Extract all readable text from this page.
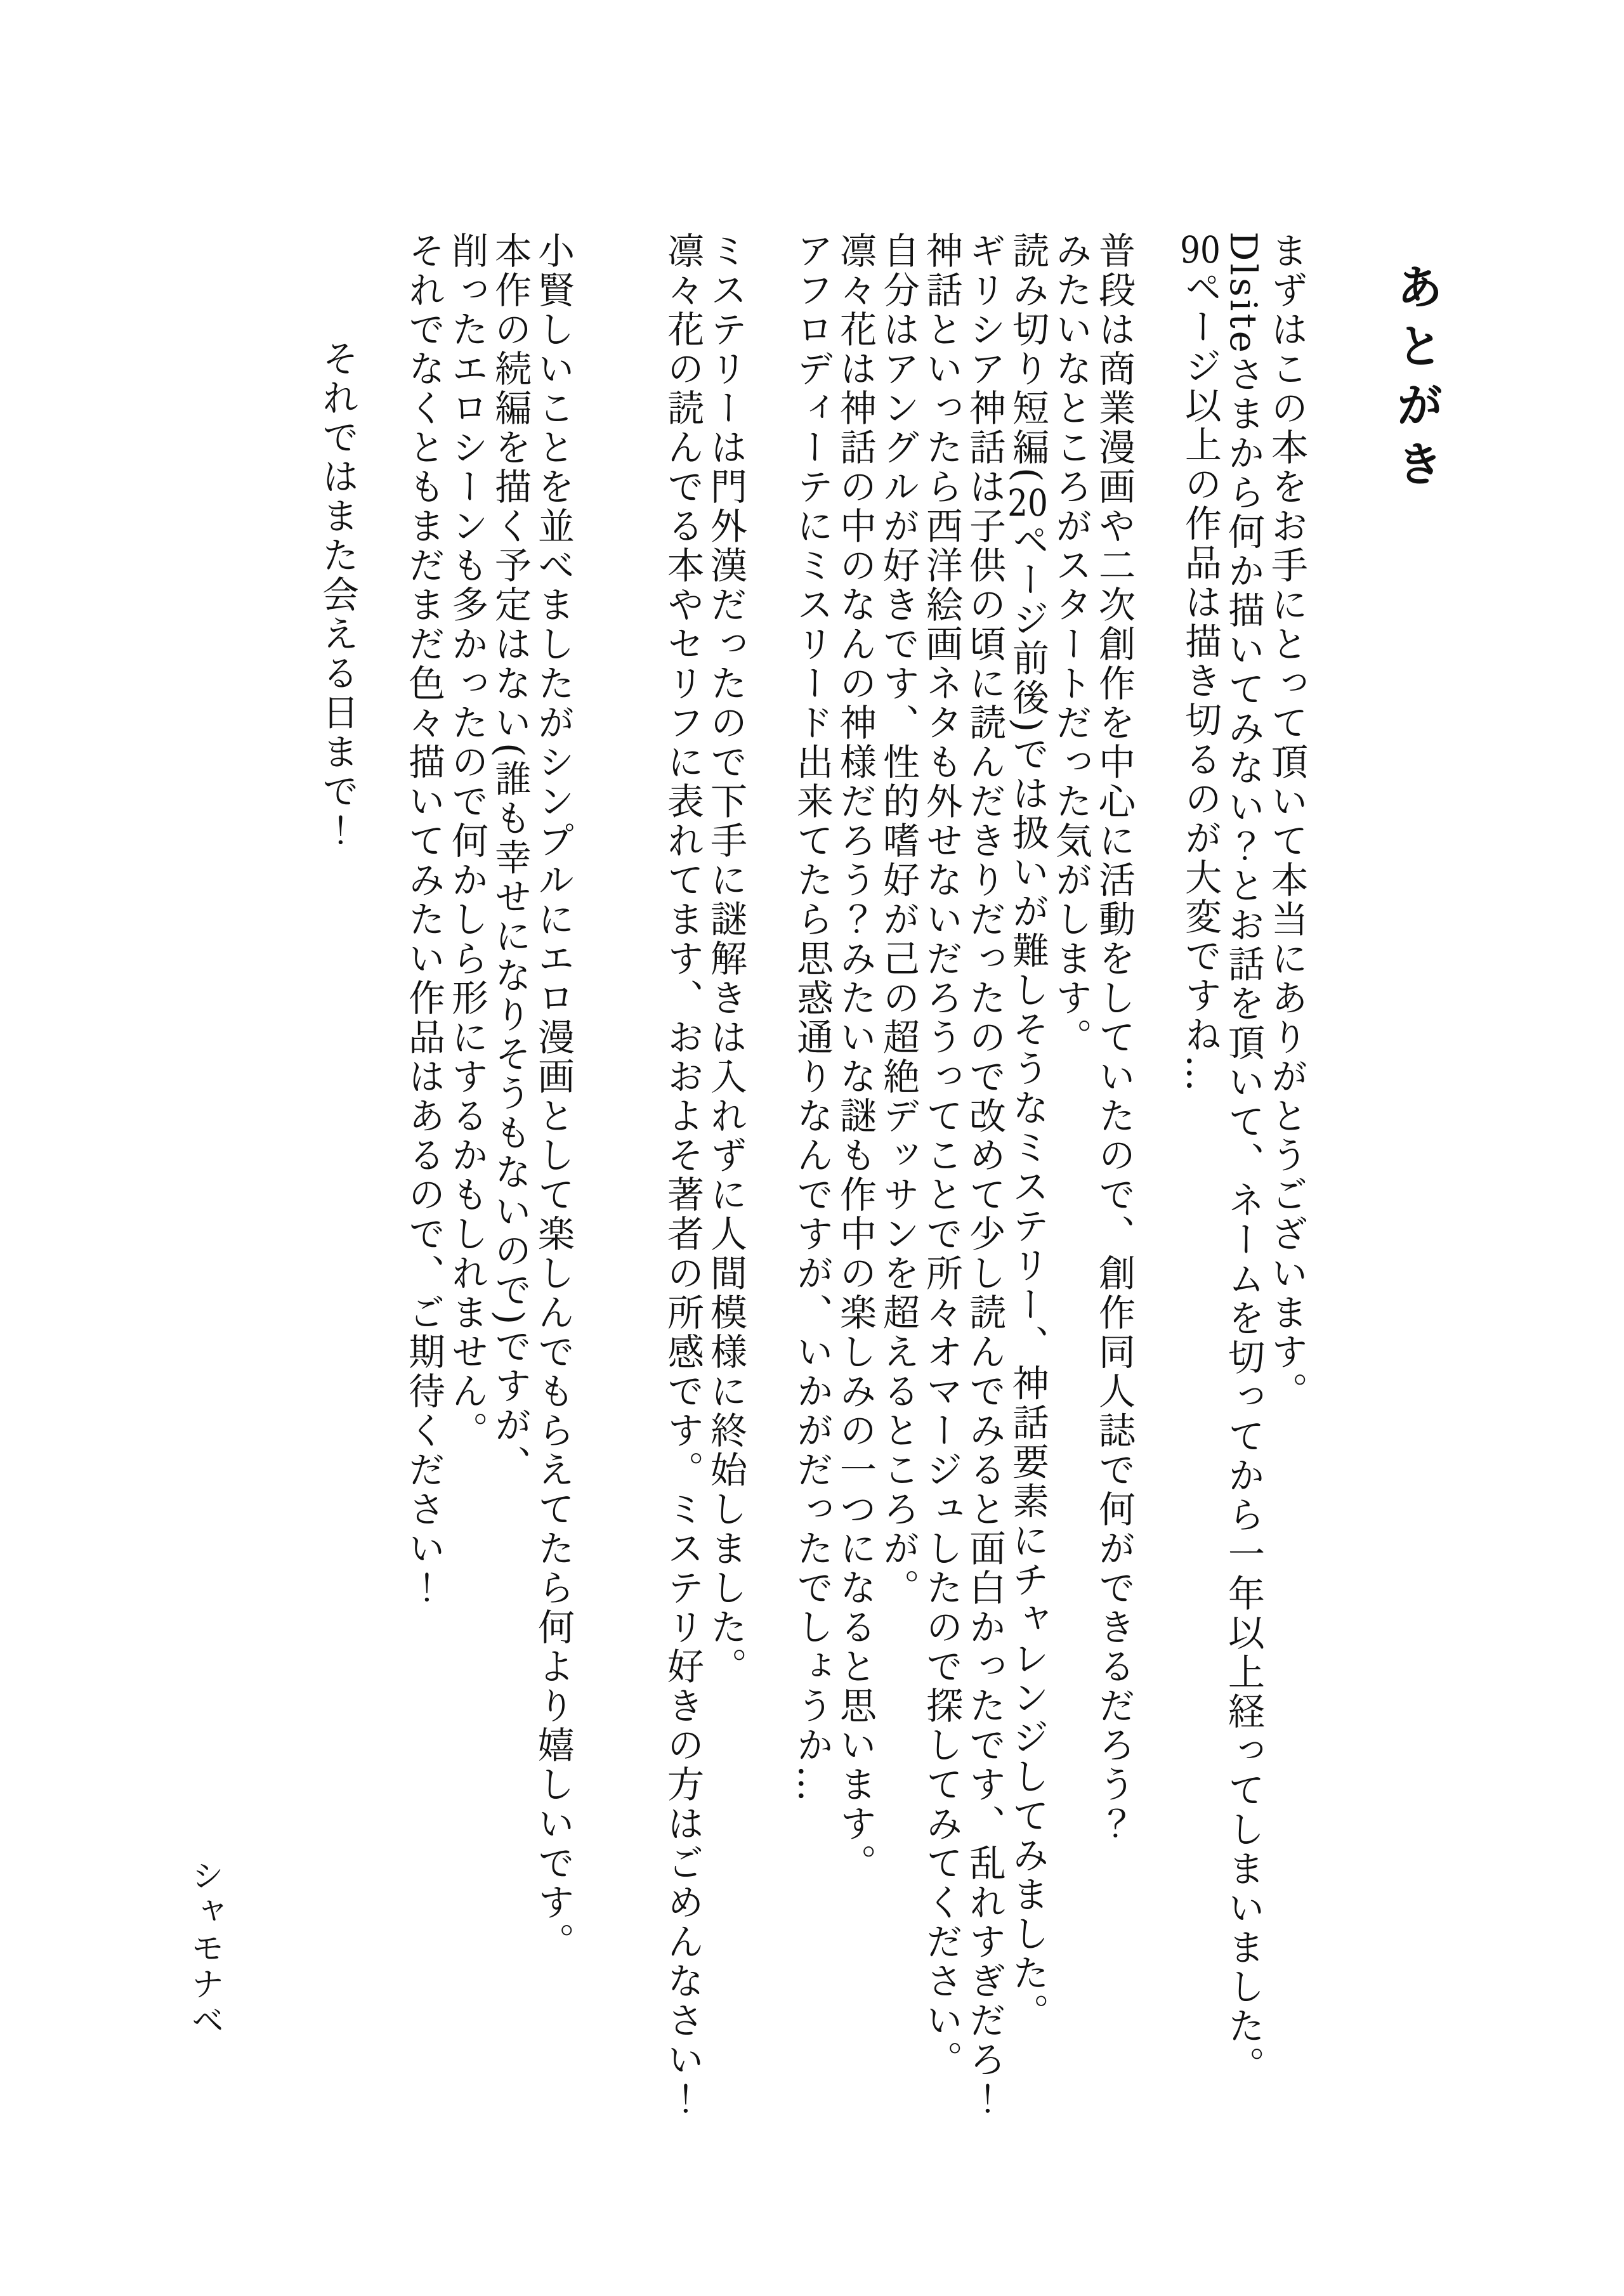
あとがき

まずはこの本をお手にとって頂いて本当にありがとうございます。
Dlsiteさまから何か描いてみない？とお話を頂いて、ネームを切ってから一年以上経ってしまいました。
90ページ以上の作品は描き切るのが大変ですね…

普段は商業漫画や二次創作を中心に活動をしていたので、創作同人誌で何ができるだろう？
みたいなところがスタートだった気がします。
読み切り短編(20ページ前後)では扱いが難しそうなミステリー、神話要素にチャレンジしてみました。
ギリシア神話は子供の頃に読んだきりだったので改めて少し読んでみると面白かったです、乱れすぎだろ！
神話といったら西洋絵画ネタも外せないだろうってことで所々オマージュしたので探してみてください。
自分はアングルが好きです、性的嗜好が己の超絶デッサンを超えるところが。
凛々花は神話の中のなんの神様だろう？みたいな謎も作中の楽しみの一つになると思います。
アフロディーテにミスリード出来てたら思惑通りなんですが、いかがだったでしょうか…

ミステリーは門外漢だったので下手に謎解きは入れずに人間模様に終始しました。
凛々花の読んでる本やセリフに表れてます、おおよそ著者の所感です。ミステリ好きの方はごめんなさい！

小賢しいことを並べましたがシンプルにエロ漫画として楽しんでもらえてたら何より嬉しいです。
本作の続編を描く予定はない(誰も幸せになりそうもないので)ですが、
削ったエロシーンも多かったので何かしら形にするかもしれません。
それでなくともまだまだ色々描いてみたい作品はあるので、ご期待ください！

それではまた会える日まで！

シャモナベ
